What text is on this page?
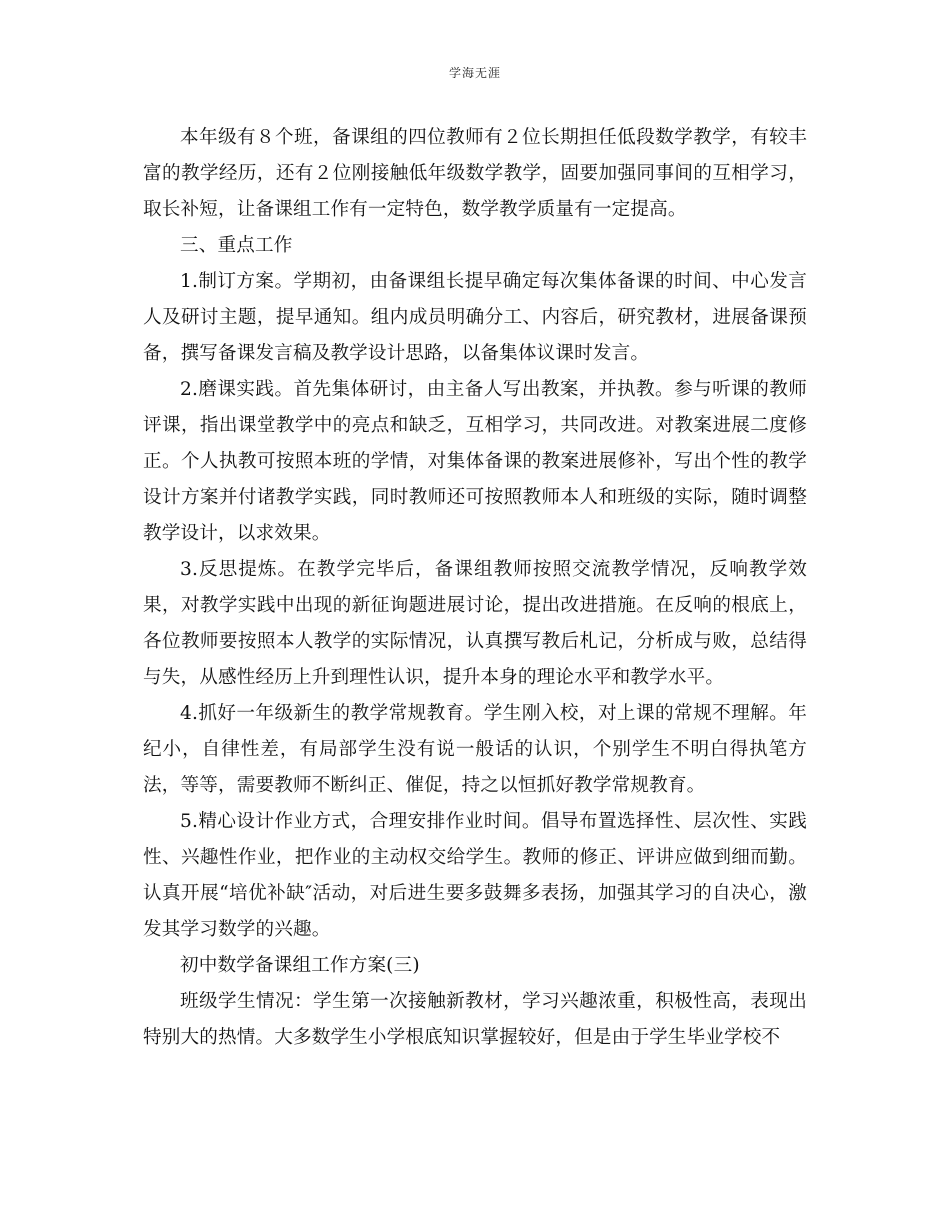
学海无涯

本年级有８个班，备课组的四位教师有２位长期担任低段数学教学，有较丰富的教学经历，还有２位刚接触低年级数学教学，固要加强同事间的互相学习，取长补短，让备课组工作有一定特色，数学教学质量有一定提高。

三、重点工作

1.制订方案。学期初，由备课组长提早确定每次集体备课的时间、中心发言人及研讨主题，提早通知。组内成员明确分工、内容后，研究教材，进展备课预备，撰写备课发言稿及教学设计思路，以备集体议课时发言。

2.磨课实践。首先集体研讨，由主备人写出教案，并执教。参与听课的教师评课，指出课堂教学中的亮点和缺乏，互相学习，共同改进。对教案进展二度修正。个人执教可按照本班的学情，对集体备课的教案进展修补，写出个性的教学设计方案并付诸教学实践，同时教师还可按照教师本人和班级的实际，随时调整教学设计，以求效果。

3.反思提炼。在教学完毕后，备课组教师按照交流教学情况，反响教学效果，对教学实践中出现的新征询题进展讨论，提出改进措施。在反响的根底上，各位教师要按照本人教学的实际情况，认真撰写教后札记，分析成与败，总结得与失，从感性经历上升到理性认识，提升本身的理论水平和教学水平。

4.抓好一年级新生的教学常规教育。学生刚入校，对上课的常规不理解。年纪小，自律性差，有局部学生没有说一般话的认识，个别学生不明白得执笔方法，等等，需要教师不断纠正、催促，持之以恒抓好教学常规教育。

5.精心设计作业方式，合理安排作业时间。倡导布置选择性、层次性、实践性、兴趣性作业，把作业的主动权交给学生。教师的修正、评讲应做到细而勤。认真开展“培优补缺″活动，对后进生要多鼓舞多表扬，加强其学习的自决心，激发其学习数学的兴趣。

初中数学备课组工作方案(三)

班级学生情况：学生第一次接触新教材，学习兴趣浓重，积极性高，表现出特别大的热情。大多数学生小学根底知识掌握较好，但是由于学生毕业学校不
